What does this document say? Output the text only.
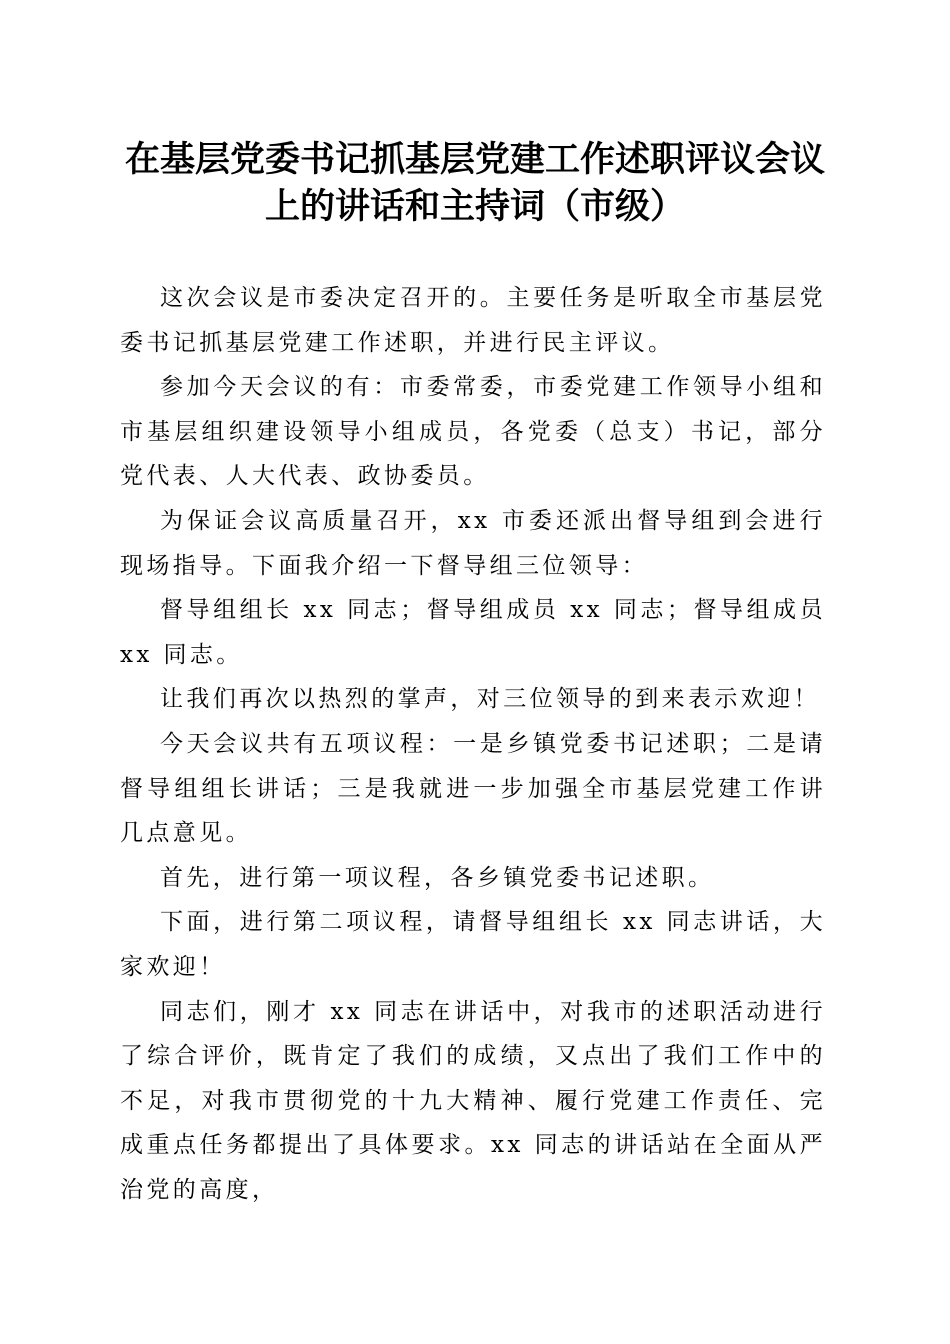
在基层党委书记抓基层党建工作述职评议会议
上的讲话和主持词（市级）

这次会议是市委决定召开的。主要任务是听取全市基层党委书记抓基层党建工作述职，并进行民主评议。

参加今天会议的有：市委常委，市委党建工作领导小组和市基层组织建设领导小组成员，各党委（总支）书记，部分党代表、人大代表、政协委员。

为保证会议高质量召开，xx 市委还派出督导组到会进行现场指导。下面我介绍一下督导组三位领导：

督导组组长 xx 同志；督导组成员 xx 同志；督导组成员 xx 同志。

让我们再次以热烈的掌声，对三位领导的到来表示欢迎！

今天会议共有五项议程：一是乡镇党委书记述职；二是请督导组组长讲话；三是我就进一步加强全市基层党建工作讲几点意见。

首先，进行第一项议程，各乡镇党委书记述职。

下面，进行第二项议程，请督导组组长 xx 同志讲话，大家欢迎！

同志们，刚才 xx 同志在讲话中，对我市的述职活动进行了综合评价，既肯定了我们的成绩，又点出了我们工作中的不足，对我市贯彻党的十九大精神、履行党建工作责任、完成重点任务都提出了具体要求。xx 同志的讲话站在全面从严治党的高度，
